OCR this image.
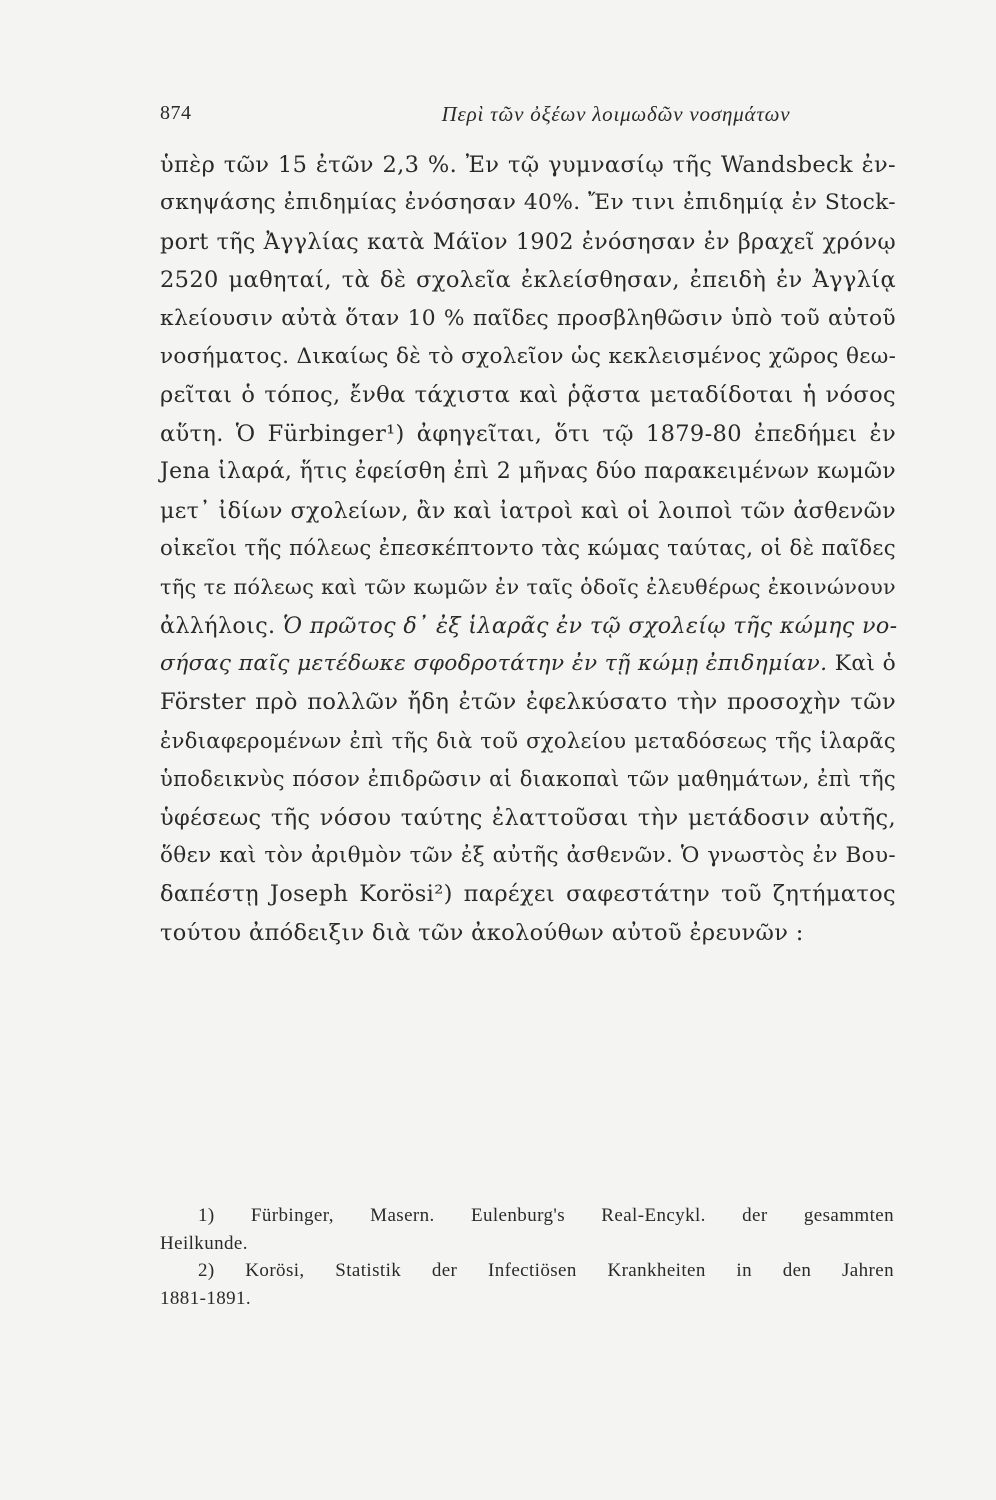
874	Περὶ τῶν ὀξέων λοιμωδῶν νοσημάτων
ὑπὲρ τῶν 15 ἐτῶν 2,3 %. Ἐν τῷ γυμνασίῳ τῆς Wandsbeck ἐν-
σκηψάσης ἐπιδημίας ἐνόσησαν 40%. Ἔν τινι ἐπιδημίᾳ ἐν Stock-
port τῆς Ἀγγλίας κατὰ Μάϊον 1902 ἐνόσησαν ἐν βραχεῖ χρόνῳ
2520 μαθηταί, τὰ δὲ σχολεῖα ἐκλείσθησαν, ἐπειδὴ ἐν Ἀγγλίᾳ
κλείουσιν αὐτὰ ὅταν 10 % παῖδες προσβληθῶσιν ὑπὸ τοῦ αὐτοῦ
νοσήματος. Δικαίως δὲ τὸ σχολεῖον ὡς κεκλεισμένος χῶρος θεω-
ρεῖται ὁ τόπος, ἔνθα τάχιστα καὶ ῥᾷστα μεταδίδοται ἡ νόσος
αὕτη. Ὁ Fürbinger¹) ἀφηγεῖται, ὅτι τῷ 1879-80 ἐπεδήμει ἐν
Jena ἱλαρά, ἥτις ἐφείσθη ἐπὶ 2 μῆνας δύο παρακειμένων κωμῶν
μετ᾽ ἰδίων σχολείων, ἂν καὶ ἰατροὶ καὶ οἱ λοιποὶ τῶν ἀσθενῶν
οἰκεῖοι τῆς πόλεως ἐπεσκέπτοντο τὰς κώμας ταύτας, οἱ δὲ παῖδες
τῆς τε πόλεως καὶ τῶν κωμῶν ἐν ταῖς ὁδοῖς ἐλευθέρως ἐκοινώνουν
ἀλλήλοις. Ὁ πρῶτος δ᾽ ἐξ ἱλαρᾶς ἐν τῷ σχολείῳ τῆς κώμης νο-
σήσας παῖς μετέδωκε σφοδροτάτην ἐν τῇ κώμῃ ἐπιδημίαν. Καὶ ὁ
Förster πρὸ πολλῶν ἤδη ἐτῶν ἐφελκύσατο τὴν προσοχὴν τῶν
ἐνδιαφερομένων ἐπὶ τῆς διὰ τοῦ σχολείου μεταδόσεως τῆς ἱλαρᾶς
ὑποδεικνὺς πόσον ἐπιδρῶσιν αἱ διακοπαὶ τῶν μαθημάτων, ἐπὶ τῆς
ὑφέσεως τῆς νόσου ταύτης ἐλαττοῦσαι τὴν μετάδοσιν αὐτῆς,
ὅθεν καὶ τὸν ἀριθμὸν τῶν ἐξ αὐτῆς ἀσθενῶν. Ὁ γνωστὸς ἐν Βου-
δαπέστῃ Joseph Korösi²) παρέχει σαφεστάτην τοῦ ζητήματος
τούτου ἀπόδειξιν διὰ τῶν ἀκολούθων αὐτοῦ ἐρευνῶν :
1) Fürbinger, Masern. Eulenburg's Real-Encykl. der gesammten
Heilkunde.
2) Korösi, Statistik der Infectiösen Krankheiten in den Jahren
1881-1891.
